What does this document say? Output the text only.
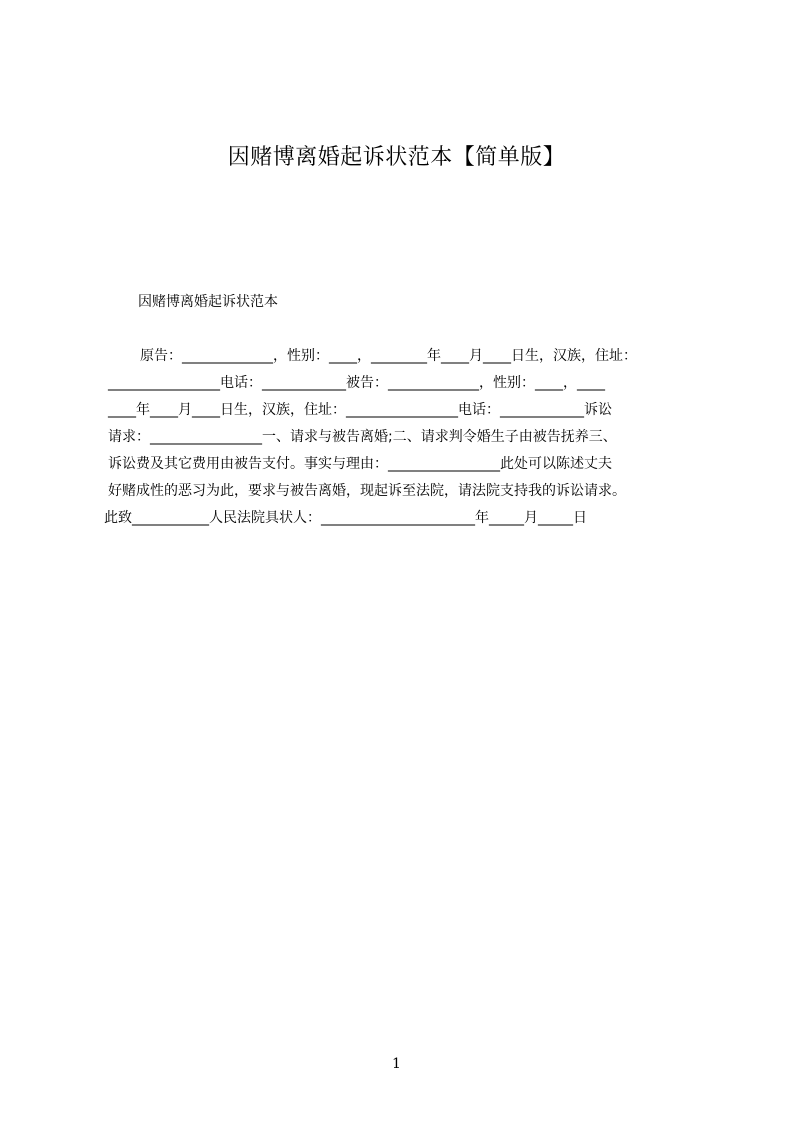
因赌博离婚起诉状范本【简单版】
因赌博离婚起诉状范本
原告：_____________，性别：____，________年____月____日生，汉族，住址：
________________电话：____________被告：_____________，性别：____，____
____年____月____日生，汉族，住址：________________电话：____________诉讼
请求：________________一、请求与被告离婚;二、请求判令婚生子由被告抚养三、
诉讼费及其它费用由被告支付。事实与理由：________________此处可以陈述丈夫
好赌成性的恶习为此，要求与被告离婚，现起诉至法院，请法院支持我的诉讼请求。
此致___________人民法院具状人：______________________年_____月_____日
1
